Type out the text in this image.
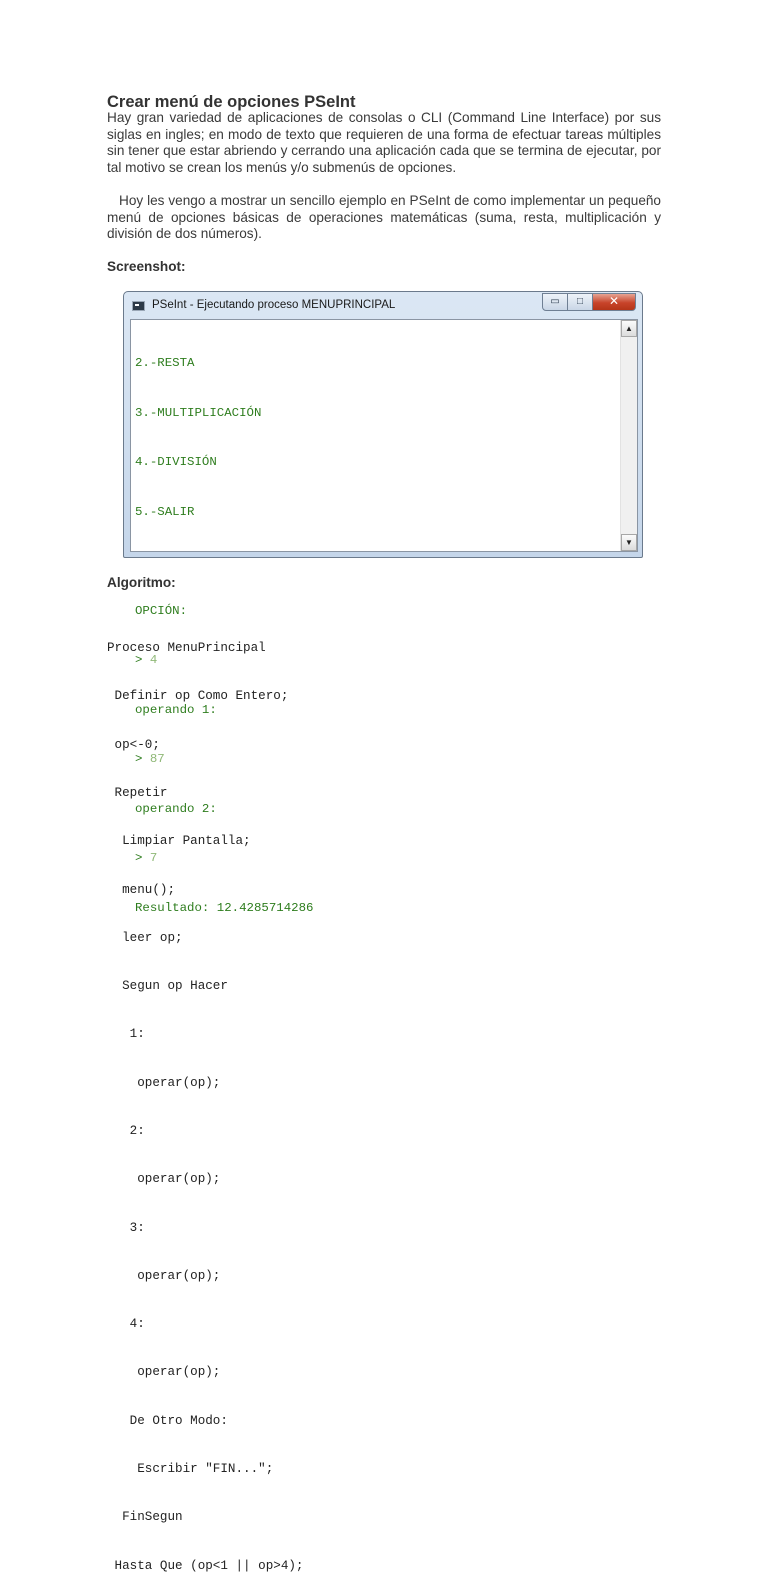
Crear menú de opciones PSeInt

Hay gran variedad de aplicaciones de consolas o CLI (Command Line Interface) por sus siglas en ingles; en modo de texto que requieren de una forma de efectuar tareas múltiples sin tener que estar abriendo y cerrando una aplicación cada que se termina de ejecutar, por tal motivo se crean los menús y/o submenús de opciones.

Hoy les vengo a mostrar un sencillo ejemplo en PSeInt de como implementar un pequeño menú de opciones básicas de operaciones matemáticas (suma, resta, multiplicación y división de dos números).

Screenshot:
PSeInt - Ejecutando proceso MENUPRINCIPAL	▭	□	✕

2.-RESTA

3.-MULTIPLICACIÓN

4.-DIVISIÓN

5.-SALIR

OPCIÓN:

> 4

operando 1:

> 87

operando 2:

> 7

Resultado: 12.4285714286

▲
▼
Algoritmo:

Proceso MenuPrincipal

Definir op Como Entero;

op<-0;

Repetir

Limpiar Pantalla;

menu();

leer op;

Segun op Hacer

1:

operar(op);

2:

operar(op);

3:

operar(op);

4:

operar(op);

De Otro Modo:

Escribir "FIN...";

FinSegun

Hasta Que (op<1 || op>4);
